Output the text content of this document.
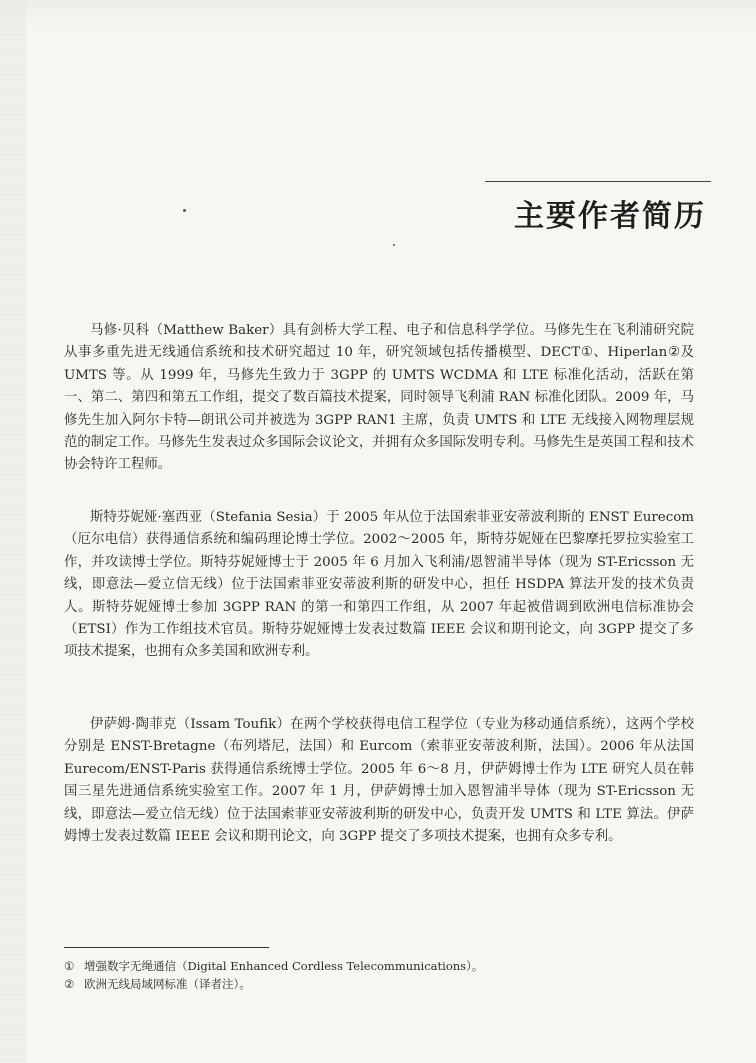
主要作者简历

马修·贝科（Matthew Baker）具有剑桥大学工程、电子和信息科学学位。马修先生在飞利浦研究院从事多重先进无线通信系统和技术研究超过 10 年，研究领域包括传播模型、DECT①、Hiperlan②及 UMTS 等。从 1999 年，马修先生致力于 3GPP 的 UMTS WCDMA 和 LTE 标准化活动，活跃在第一、第二、第四和第五工作组，提交了数百篇技术提案，同时领导飞利浦 RAN 标准化团队。2009 年，马修先生加入阿尔卡特—朗讯公司并被选为 3GPP RAN1 主席，负责 UMTS 和 LTE 无线接入网物理层规范的制定工作。马修先生发表过众多国际会议论文，并拥有众多国际发明专利。马修先生是英国工程和技术协会特许工程师。

斯特芬妮娅·塞西亚（Stefania Sesia）于 2005 年从位于法国索菲亚安蒂波利斯的 ENST Eurecom（厄尔电信）获得通信系统和编码理论博士学位。2002～2005 年，斯特芬妮娅在巴黎摩托罗拉实验室工作，并攻读博士学位。斯特芬妮娅博士于 2005 年 6 月加入飞利浦/恩智浦半导体（现为 ST-Ericsson 无线，即意法—爱立信无线）位于法国索菲亚安蒂波利斯的研发中心，担任 HSDPA 算法开发的技术负责人。斯特芬妮娅博士参加 3GPP RAN 的第一和第四工作组，从 2007 年起被借调到欧洲电信标准协会（ETSI）作为工作组技术官员。斯特芬妮娅博士发表过数篇 IEEE 会议和期刊论文，向 3GPP 提交了多项技术提案，也拥有众多美国和欧洲专利。

伊萨姆·陶菲克（Issam Toufik）在两个学校获得电信工程学位（专业为移动通信系统），这两个学校分别是 ENST-Bretagne（布列塔尼，法国）和 Eurcom（索菲亚安蒂波利斯，法国）。2006 年从法国 Eurecom/ENST-Paris 获得通信系统博士学位。2005 年 6～8 月，伊萨姆博士作为 LTE 研究人员在韩国三星先进通信系统实验室工作。2007 年 1 月，伊萨姆博士加入恩智浦半导体（现为 ST-Ericsson 无线，即意法—爱立信无线）位于法国索菲亚安蒂波利斯的研发中心，负责开发 UMTS 和 LTE 算法。伊萨姆博士发表过数篇 IEEE 会议和期刊论文，向 3GPP 提交了多项技术提案，也拥有众多专利。

① 增强数字无绳通信（Digital Enhanced Cordless Telecommunications）。
② 欧洲无线局域网标准（译者注）。
